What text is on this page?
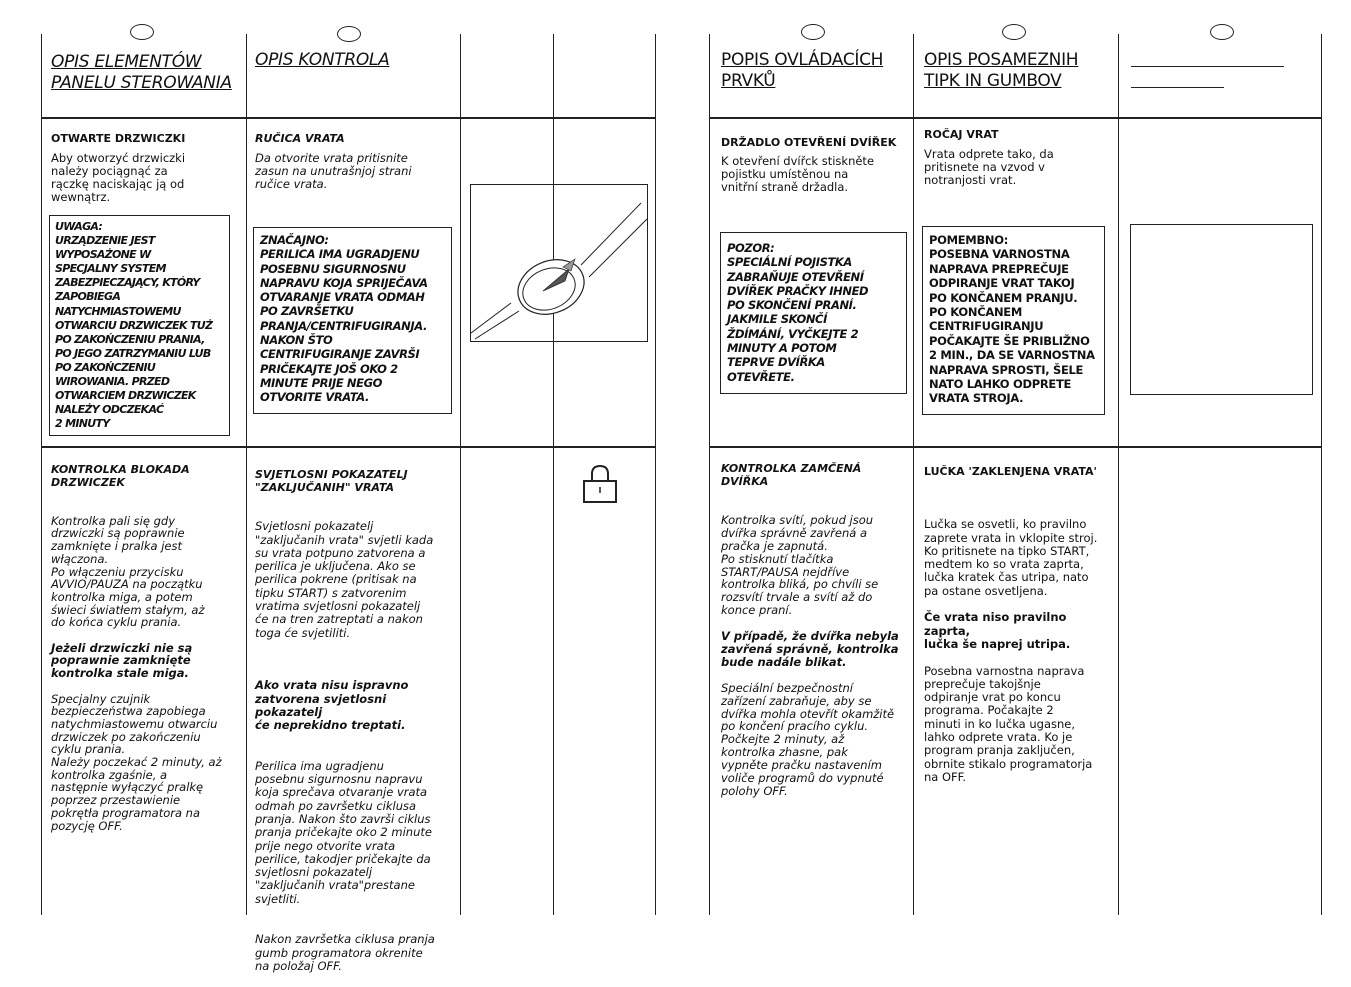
OPIS ELEMENTÓW PANELU STEROWANIA
OTWARTE DRZWICZKI
Aby otworzyć drzwiczki
należy pociągnąć za
rączkę naciskając ją od
wewnątrz.
UWAGA:
URZĄDZENIE JEST
WYPOSAŻONE W
SPECJALNY SYSTEM
ZABEZPIECZAJĄCY, KTÓRY
ZAPOBIEGA
NATYCHMIASTOWEMU
OTWARCIU DRZWICZEK TUŻ
PO ZAKOŃCZENIU PRANIA,
PO JEGO ZATRZYMANIU LUB
PO ZAKOŃCZENIU
WIROWANIA. PRZED
OTWARCIEM DRZWICZEK
NALEŻY ODCZEKAĆ
2 MINUTY
KONTROLKA BLOKADA
DRZWICZEK

Kontrolka pali się gdy
drzwiczki są poprawnie
zamknięte i pralka jest
włączona.
Po włączeniu przycisku
AVVIO/PAUZA na początku
kontrolka miga, a potem
świeci światłem stałym, aż
do końca cyklu prania.

Jeżeli drzwiczki nie są
poprawnie zamknięte
kontrolka stale miga.

Specjalny czujnik
bezpieczeństwa zapobiega
natychmiastowemu otwarciu
drzwiczek po zakończeniu
cyklu prania.
Należy poczekać 2 minuty, aż
kontrolka zgaśnie, a
następnie wyłączyć pralkę
poprzez przestawienie
pokrętła programatora na
pozycję OFF.

OPIS KONTROLA
RUČICA VRATA
Da otvorite vrata pritisnite
zasun na unutrašnjoj strani
ručice vrata.
ZNAČAJNO:
PERILICA IMA UGRADJENU
POSEBNU SIGURNOSNU
NAPRAVU KOJA SPRIJEČAVA
OTVARANJE VRATA ODMAH
PO ZAVRŠETKU
PRANJA/CENTRIFUGIRANJA.
NAKON ŠTO
CENTRIFUGIRANJE ZAVRŠI
PRIČEKAJTE JOŠ OKO 2
MINUTE PRIJE NEGO
OTVORITE VRATA.
SVJETLOSNI POKAZATELJ
"ZAKLJUČANIH" VRATA

Svjetlosni pokazatelj
"zaključanih vrata" svjetli kada
su vrata potpuno zatvorena a
perilica je uključena. Ako se
perilica pokrene (pritisak na
tipku START) s zatvorenim
vratima svjetlosni pokazatelj
će na tren zatreptati a nakon
toga će svjetiliti.

Ako vrata nisu ispravno
zatvorena svjetlosni pokazatelj
će neprekidno treptati.

Perilica ima ugradjenu
posebnu sigurnosnu napravu
koja sprečava otvaranje vrata
odmah po završetku ciklusa
pranja. Nakon što završi ciklus
pranja pričekajte oko 2 minute
prije nego otvorite vrata
perilice, takodjer pričekajte da
svjetlosni pokazatelj
"zaključanih vrata"prestane
svjetliti.

Nakon završetka ciklusa pranja
gumb programatora okrenite
na položaj OFF.

POPIS OVLÁDACÍCH
PRVKŮ
DRŽADLO OTEVŘENÍ DVÍŘEK
K otevření dvířck stiskněte
pojistku umístěnou na
vnitřní straně držadla.
POZOR:
SPECIÁLNÍ POJISTKA
ZABRAŇUJE OTEVŘENÍ
DVÍŘEK PRAČKY IHNED
PO SKONČENÍ PRANÍ.
JAKMILE SKONČÍ
ŽDÍMÁNÍ, VYČKEJTE 2
MINUTY A POTOM
TEPRVE DVÍŘKA
OTEVŘETE.
KONTROLKA ZAMČENÁ
DVÍŘKA

Kontrolka svítí, pokud jsou
dvířka správně zavřená a
pračka je zapnutá.
Po stisknutí tlačítka
START/PAUSA nejdříve
kontrolka bliká, po chvíli se
rozsvítí trvale a svítí až do
konce praní.

V případě, že dvířka nebyla
zavřená správně, kontrolka
bude nadále blikat.

Speciální bezpečnostní
zařízení zabraňuje, aby se
dvířka mohla otevřít okamžitě
po končení pracího cyklu.
Počkejte 2 minuty, až
kontrolka zhasne, pak
vypněte pračku nastavením
voliče programů do vypnuté
polohy OFF.

OPIS POSAMEZNIH
TIPK IN GUMBOV
ROČAJ VRAT
Vrata odprete tako, da
pritisnete na vzvod v
notranjosti vrat.
POMEMBNO:
POSEBNA VARNOSTNA
NAPRAVA PREPREČUJE
ODPIRANJE VRAT TAKOJ
PO KONČANEM PRANJU.
PO KONČANEM
CENTRIFUGIRANJU
POČAKAJTE ŠE PRIBLIŽNO
2 MIN., DA SE VARNOSTNA
NAPRAVA SPROSTI, ŠELE
NATO LAHKO ODPRETE
VRATA STROJA.
LUČKA 'ZAKLENJENA VRATA'

Lučka se osvetli, ko pravilno
zaprete vrata in vklopite stroj.
Ko pritisnete na tipko START,
medtem ko so vrata zaprta,
lučka kratek čas utripa, nato
pa ostane osvetljena.

Če vrata niso pravilno zaprta,
lučka še naprej utripa.

Posebna varnostna naprava
preprečuje takojšnje
odpiranje vrat po koncu
programa. Počakajte 2
minuti in ko lučka ugasne,
lahko odprete vrata. Ko je
program pranja zaključen,
obrnite stikalo programatorja
na OFF.
